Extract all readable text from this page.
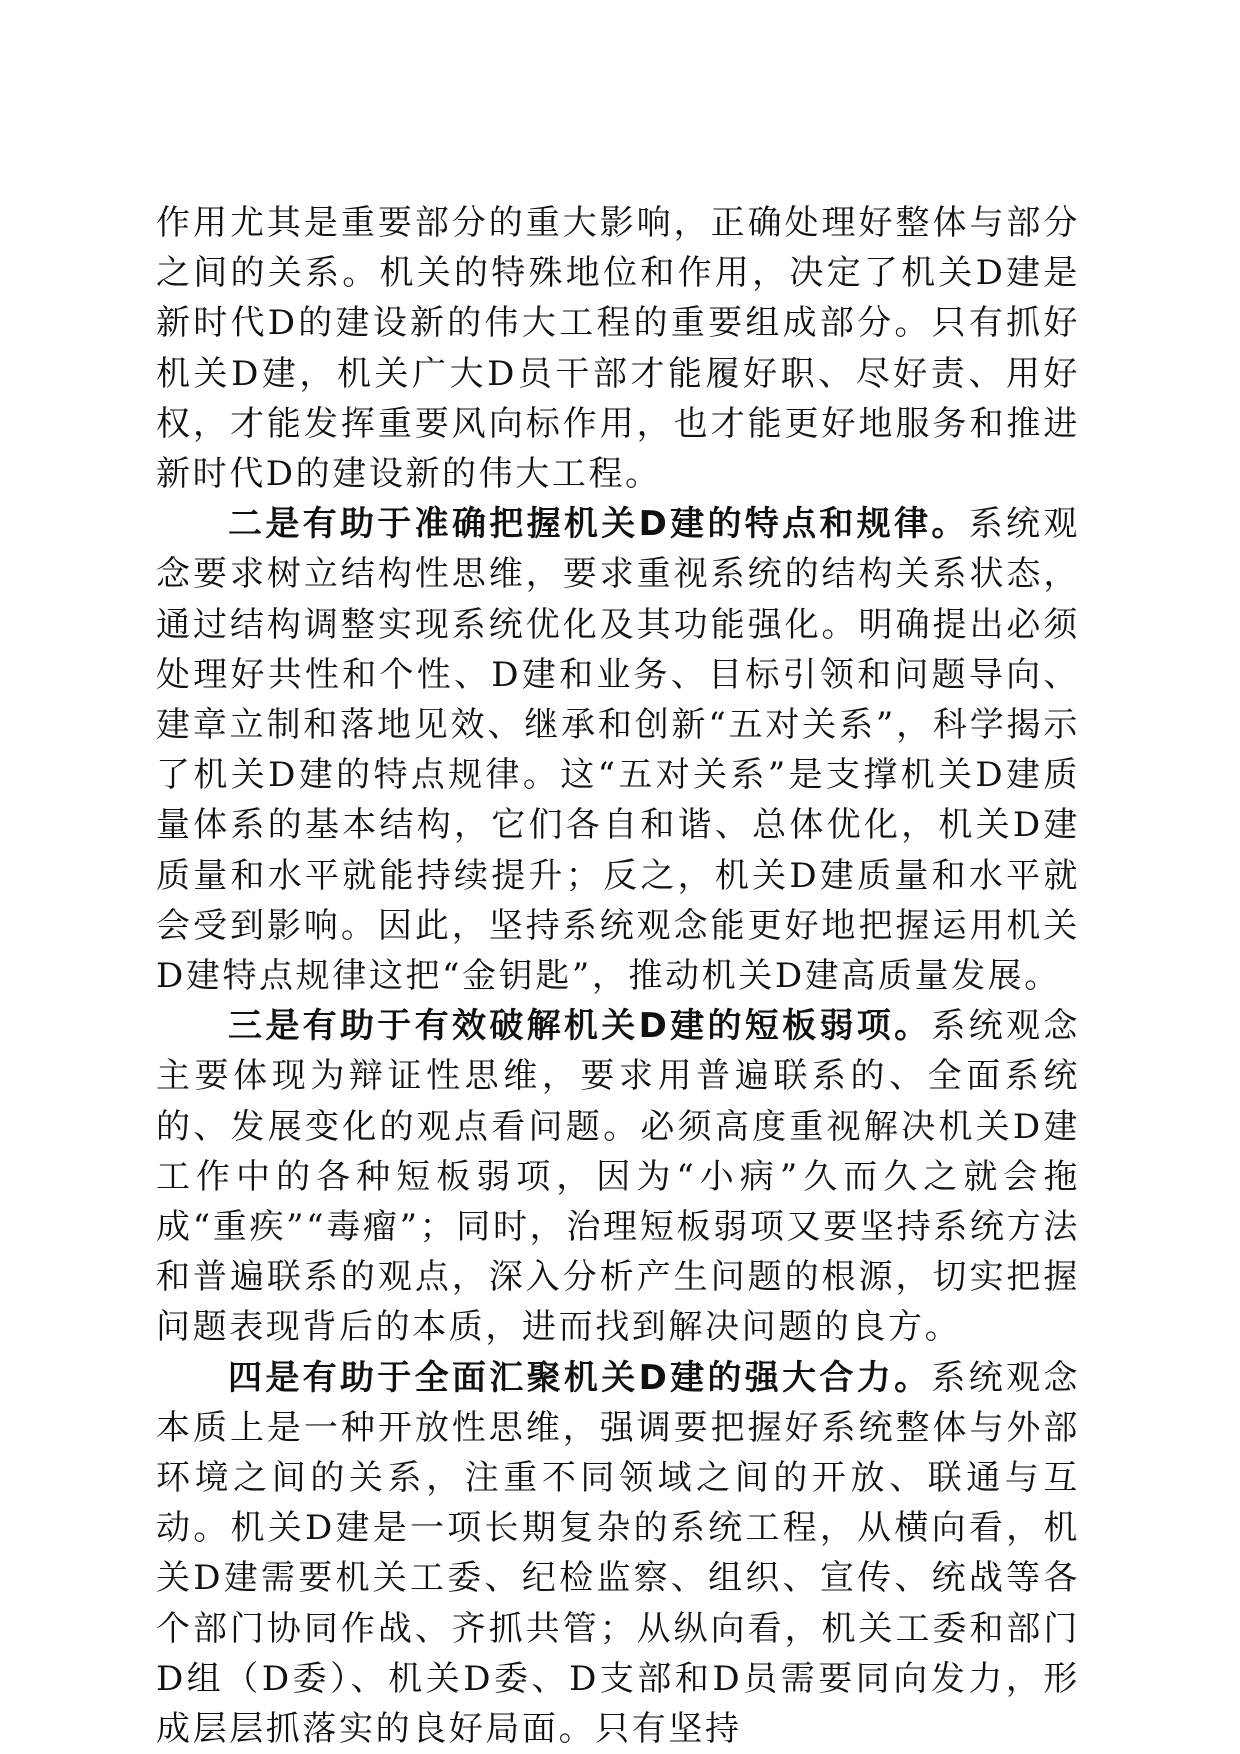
作用尤其是重要部分的重大影响，正确处理好整体与部分之间的关系。机关的特殊地位和作用，决定了机关D建是新时代D的建设新的伟大工程的重要组成部分。只有抓好机关D建，机关广大D员干部才能履好职、尽好责、用好权，才能发挥重要风向标作用，也才能更好地服务和推进新时代D的建设新的伟大工程。

二是有助于准确把握机关D建的特点和规律。系统观念要求树立结构性思维，要求重视系统的结构关系状态，通过结构调整实现系统优化及其功能强化。明确提出必须处理好共性和个性、D建和业务、目标引领和问题导向、建章立制和落地见效、继承和创新“五对关系”，科学揭示了机关D建的特点规律。这“五对关系”是支撑机关D建质量体系的基本结构，它们各自和谐、总体优化，机关D建质量和水平就能持续提升；反之，机关D建质量和水平就会受到影响。因此，坚持系统观念能更好地把握运用机关D建特点规律这把“金钥匙”，推动机关D建高质量发展。

三是有助于有效破解机关D建的短板弱项。系统观念主要体现为辩证性思维，要求用普遍联系的、全面系统的、发展变化的观点看问题。必须高度重视解决机关D建工作中的各种短板弱项，因为“小病”久而久之就会拖成“重疾”“毒瘤”；同时，治理短板弱项又要坚持系统方法和普遍联系的观点，深入分析产生问题的根源，切实把握问题表现背后的本质，进而找到解决问题的良方。

四是有助于全面汇聚机关D建的强大合力。系统观念本质上是一种开放性思维，强调要把握好系统整体与外部环境之间的关系，注重不同领域之间的开放、联通与互动。机关D建是一项长期复杂的系统工程，从横向看，机关D建需要机关工委、纪检监察、组织、宣传、统战等各个部门协同作战、齐抓共管；从纵向看，机关工委和部门D组（D委）、机关D委、D支部和D员需要同向发力，形成层层抓落实的良好局面。只有坚持
